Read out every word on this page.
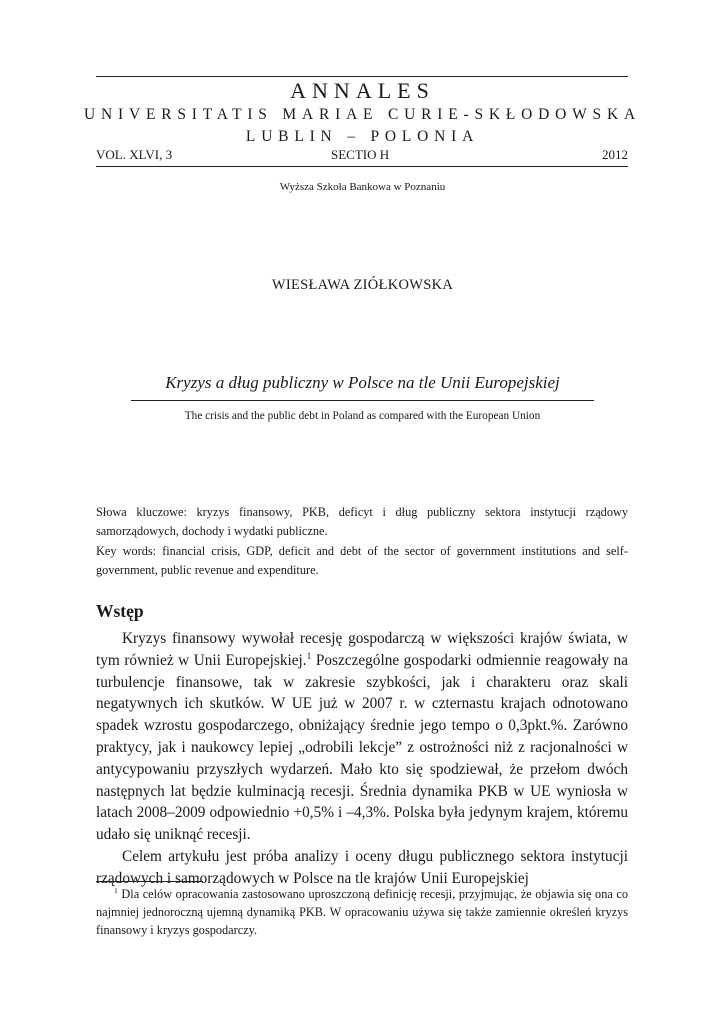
ANNALES
UNIVERSITATIS MARIAE CURIE-SKŁODOWSKA
LUBLIN – POLONIA
VOL. XLVI, 3	SECTIO H	2012
Wyższa Szkoła Bankowa w Poznaniu
WIESŁAWA ZIÓŁKOWSKA
Kryzys a dług publiczny w Polsce na tle Unii Europejskiej
The crisis and the public debt in Poland as compared with the European Union
Słowa kluczowe: kryzys finansowy, PKB, deficyt i dług publiczny sektora instytucji rządowy samorządowych, dochody i wydatki publiczne.
Key words: financial crisis, GDP, deficit and debt of the sector of government institutions and self-government, public revenue and expenditure.
Wstęp

Kryzys finansowy wywołał recesję gospodarczą w większości krajów świata, w tym również w Unii Europejskiej.$^1$ Poszczególne gospodarki odmiennie reagowały na turbulencje finansowe, tak w zakresie szybkości, jak i charakteru oraz skali negatywnych ich skutków. W UE już w 2007 r. w czternastu krajach odnotowano spadek wzrostu gospodarczego, obniżający średnie jego tempo o 0,3pkt.%. Zarówno praktycy, jak i naukowcy lepiej „odrobili lekcje” z ostrożności niż z racjonalności w antycypowaniu przyszłych wydarzeń. Mało kto się spodziewał, że przełom dwóch następnych lat będzie kulminacją recesji. Średnia dynamika PKB w UE wyniosła w latach 2008–2009 odpowiednio +0,5% i –4,3%. Polska była jedynym krajem, któremu udało się uniknąć recesji.

Celem artykułu jest próba analizy i oceny długu publicznego sektora instytucji rządowych i samorządowych w Polsce na tle krajów Unii Europejskiej

$^1$ Dla celów opracowania zastosowano uproszczoną definicję recesji, przyjmując, że objawia się ona co najmniej jednoroczną ujemną dynamiką PKB. W opracowaniu używa się także zamiennie określeń kryzys finansowy i kryzys gospodarczy.
